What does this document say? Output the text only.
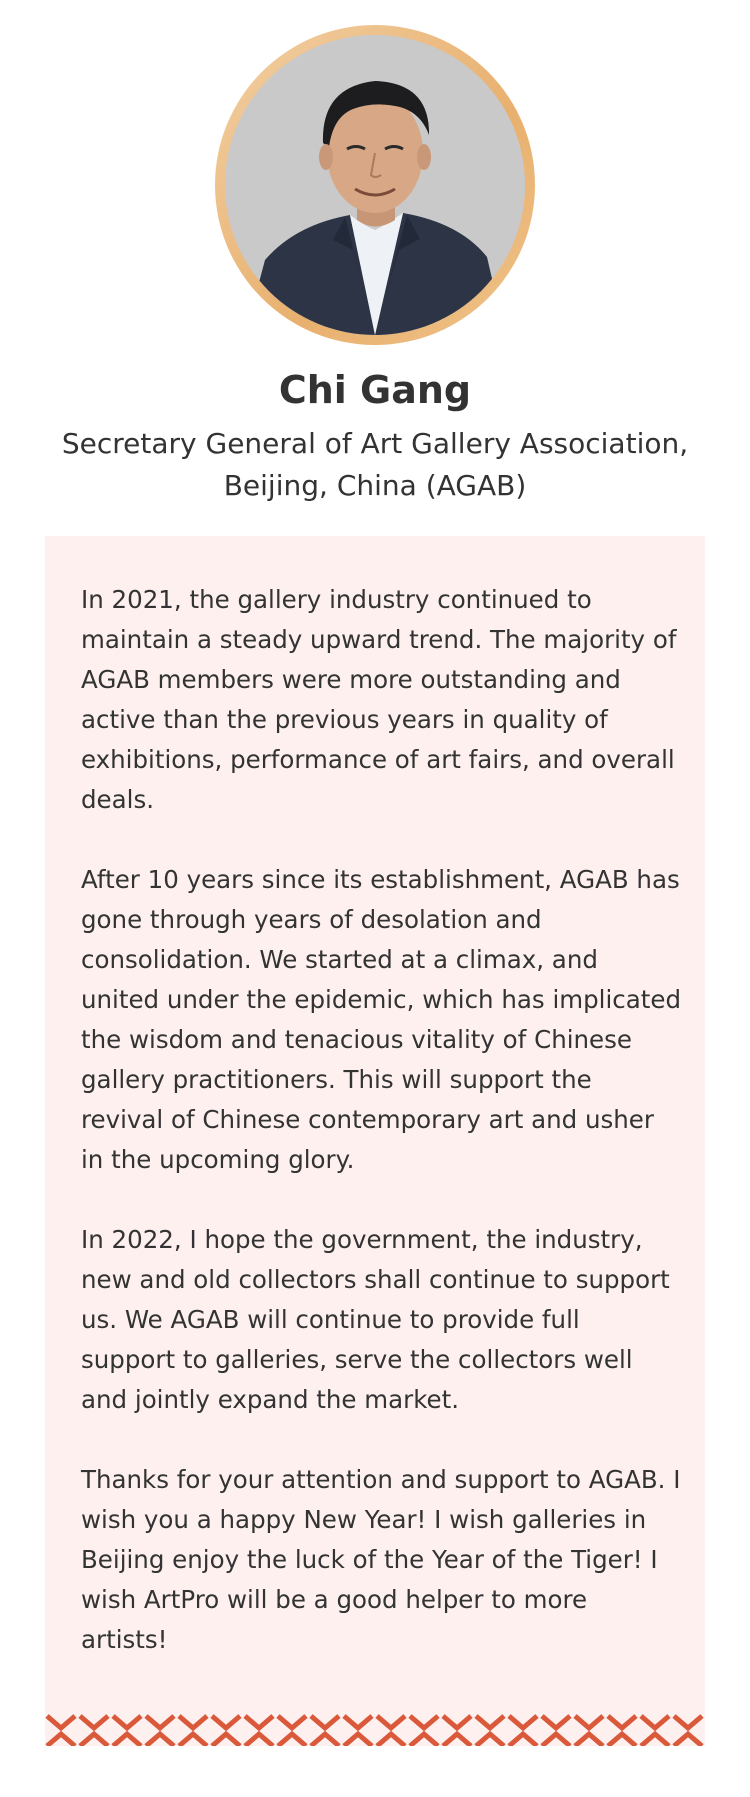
Chi Gang
Secretary General of Art Gallery Association, Beijing, China (AGAB)

In 2021, the gallery industry continued to maintain a steady upward trend. The majority of AGAB members were more outstanding and active than the previous years in quality of exhibitions, performance of art fairs, and overall deals.

After 10 years since its establishment, AGAB has gone through years of desolation and consolidation. We started at a climax, and united under the epidemic, which has implicated the wisdom and tenacious vitality of Chinese gallery practitioners. This will support the revival of Chinese contemporary art and usher in the upcoming glory.

In 2022, I hope the government, the industry, new and old collectors shall continue to support us. We AGAB will continue to provide full support to galleries, serve the collectors well and jointly expand the market.

Thanks for your attention and support to AGAB. I wish you a happy New Year! I wish galleries in Beijing enjoy the luck of the Year of the Tiger! I wish ArtPro will be a good helper to more artists!
